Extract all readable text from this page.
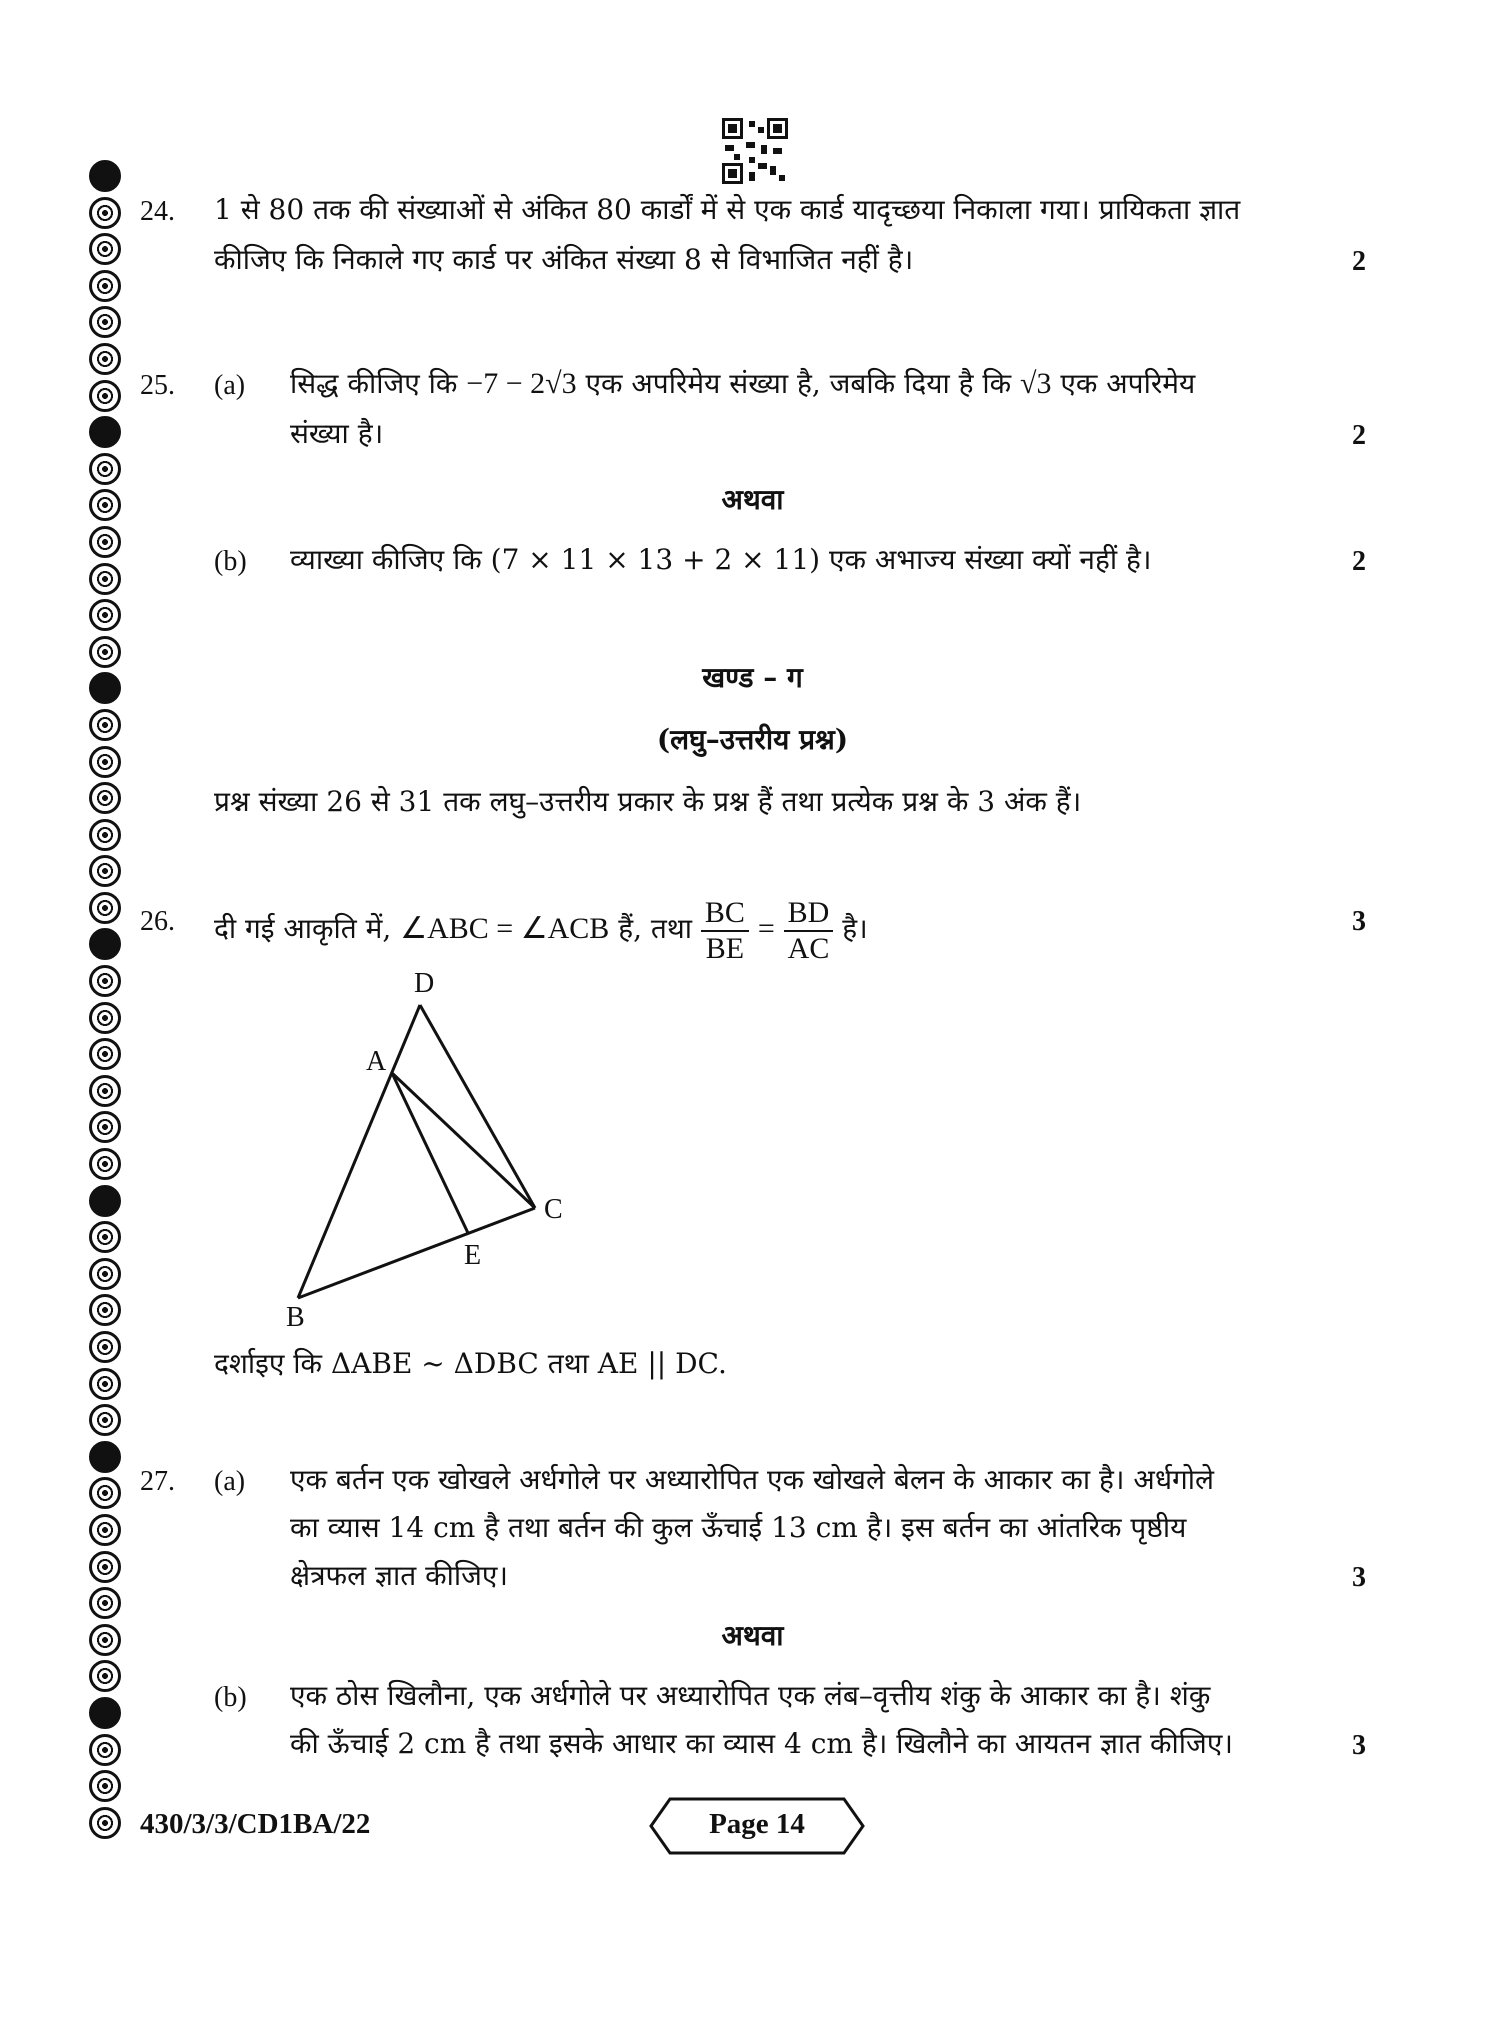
24. 1 से 80 तक की संख्याओं से अंकित 80 कार्डों में से एक कार्ड यादृच्छया निकाला गया। प्रायिकता ज्ञात
कीजिए कि निकाले गए कार्ड पर अंकित संख्या 8 से विभाजित नहीं है।	2
25. (a) सिद्ध कीजिए कि −7 − 2√3 एक अपरिमेय संख्या है, जबकि दिया है कि √3 एक अपरिमेय
संख्या है।	2
अथवा
(b) व्याख्या कीजिए कि (7 × 11 × 13 + 2 × 11) एक अभाज्य संख्या क्यों नहीं है।	2
खण्ड – ग
(लघु–उत्तरीय प्रश्न)
प्रश्न संख्या 26 से 31 तक लघु–उत्तरीय प्रकार के प्रश्न हैं तथा प्रत्येक प्रश्न के 3 अंक हैं।
26. दी गई आकृति में, ∠ABC = ∠ACB हैं, तथा $\frac{BC}{BE} = \frac{BD}{AC}$ है।	3
D
A
C
E
B
दर्शाइए कि ΔABE ~ ΔDBC तथा AE || DC.
27. (a) एक बर्तन एक खोखले अर्धगोले पर अध्यारोपित एक खोखले बेलन के आकार का है। अर्धगोले
का व्यास 14 cm है तथा बर्तन की कुल ऊँचाई 13 cm है। इस बर्तन का आंतरिक पृष्ठीय
क्षेत्रफल ज्ञात कीजिए।	3
अथवा
(b) एक ठोस खिलौना, एक अर्धगोले पर अध्यारोपित एक लंब–वृत्तीय शंकु के आकार का है। शंकु
की ऊँचाई 2 cm है तथा इसके आधार का व्यास 4 cm है। खिलौने का आयतन ज्ञात कीजिए।	3
430/3/3/CD1BA/22	Page 14
